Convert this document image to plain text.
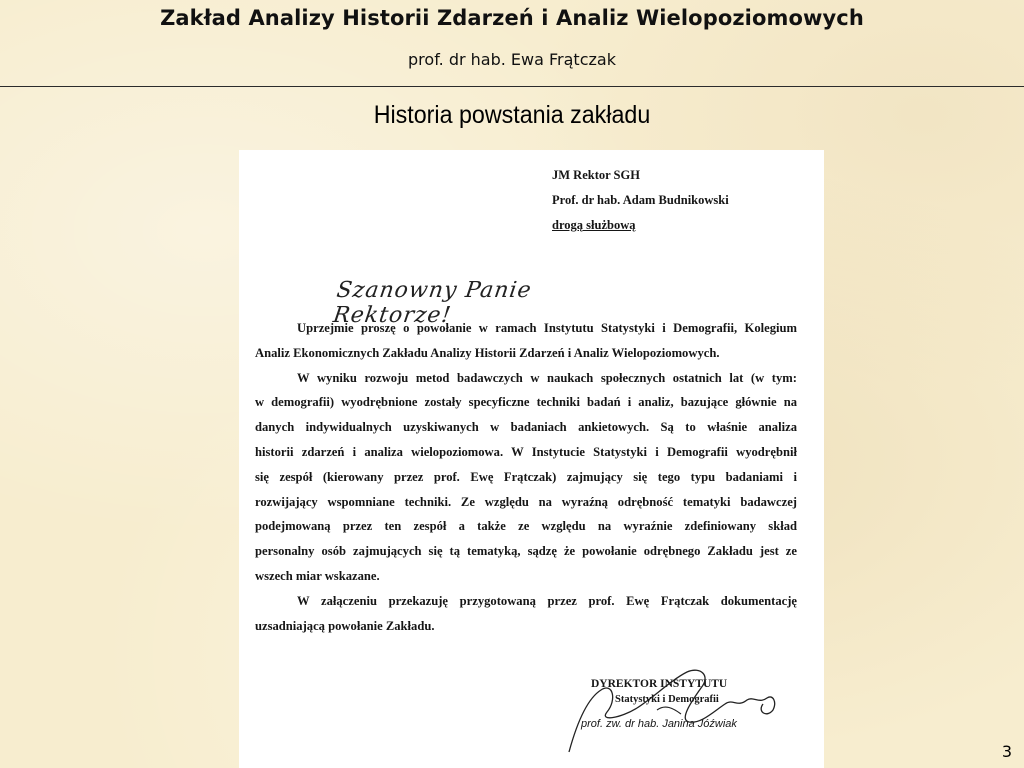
Zakład Analizy Historii Zdarzeń i Analiz Wielopoziomowych
prof. dr hab. Ewa Frątczak
Historia powstania zakładu
JM Rektor SGH
Prof. dr hab. Adam Budnikowski
drogą służbową
Szanowny Panie Rektorze!
Uprzejmie proszę o powołanie w ramach Instytutu Statystyki i Demografii, Kolegium
Analiz Ekonomicznych Zakładu Analizy Historii Zdarzeń i Analiz Wielopoziomowych.
W wyniku rozwoju metod badawczych w naukach społecznych ostatnich lat (w tym:
w demografii) wyodrębnione zostały specyficzne techniki badań i analiz, bazujące głównie na
danych indywidualnych uzyskiwanych w badaniach ankietowych. Są to właśnie analiza
historii zdarzeń i analiza wielopoziomowa. W Instytucie Statystyki i Demografii wyodrębnił
się zespół (kierowany przez prof. Ewę Frątczak) zajmujący się tego typu badaniami i
rozwijający wspomniane techniki. Ze względu na wyraźną odrębność tematyki badawczej
podejmowaną przez ten zespół a także ze względu na wyraźnie zdefiniowany skład
personalny osób zajmujących się tą tematyką, sądzę że powołanie odrębnego Zakładu jest ze
wszech miar wskazane.
W załączeniu przekazuję przygotowaną przez prof. Ewę Frątczak dokumentację
uzsadniającą powołanie Zakładu.
DYREKTOR INSTYTUTU
Statystyki i Demografii
prof. zw. dr hab. Janina Jóźwiak
3
